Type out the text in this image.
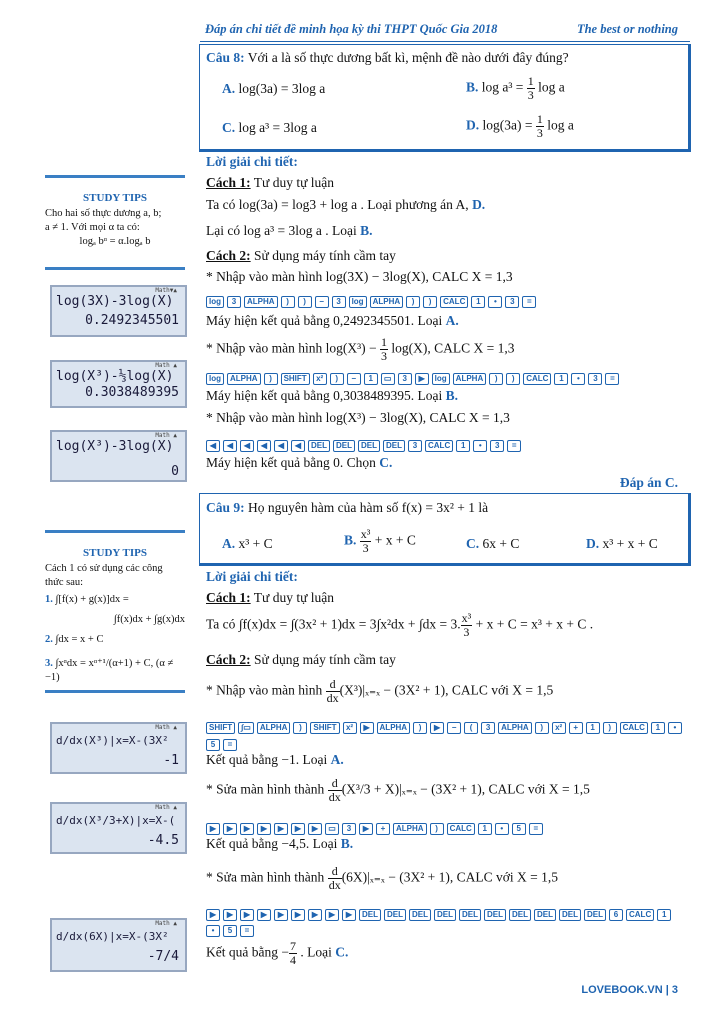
Đáp án chi tiết đề minh họa kỳ thi THPT Quốc Gia 2018	The best or nothing
Câu 8: Với a là số thực dương bất kì, mệnh đề nào dưới đây đúng?
A. log(3a) = 3log a	B. $\log a^3 = \frac{1}{3}$ log a
C. log a³ = 3log a	D. $\log(3a) = \frac{1}{3}$ log a
Lời giải chi tiết:
Cách 1: Tư duy tự luận
Ta có log(3a) = log3 + log a . Loại phương án A, D.
Lại có log a³ = 3log a . Loại B.
Cách 2: Sử dụng máy tính cầm tay
* Nhập vào màn hình log(3X) − 3log(X), CALC X = 1,3
log 3 ALPHA ) ) − 3 log ALPHA ) ) CALC 1 • 3 =
Máy hiện kết quả bằng 0,2492345501. Loại A.
* Nhập vào màn hình $\log(X^3) - \frac{1}{3} \log(X)$, CALC X = 1,3
log ALPHA ) SHIFT x² ) − 1 ▭ 3 ▶ log ALPHA ) ) CALC 1 • 3 =
Máy hiện kết quả bằng 0,3038489395. Loại B.
* Nhập vào màn hình log(X³) − 3log(X), CALC X = 1,3
◀ ◀ ◀ ◀ ◀ ◀ DEL DEL DEL DEL 3 CALC 1 • 3 =
Máy hiện kết quả bằng 0. Chọn C.
Đáp án C.
STUDY TIPS
Cho hai số thực dương a, b;
a ≠ 1. Với mọi α ta có:
logₐ bᵅ = α.logₐ b
Math▼▲
log(3X)-3log(X)
0.2492345501
Math ▲
log(X³)-⅓log(X)
0.3038489395
Math ▲
log(X³)-3log(X)
0
Câu 9: Họ nguyên hàm của hàm số f(x) = 3x² + 1 là
A. x³ + C	B. $\frac{\text{x³}}{3} + x + C$	C. 6x + C	D. x³ + x + C
Lời giải chi tiết:
Cách 1: Tư duy tự luận
Ta có ∫f(x)dx = ∫(3x² + 1)dx = 3∫x²dx + ∫dx = 3. $\frac{\text{x³}}{3} + x + C = x^3 + x + C$ .
Cách 2: Sử dụng máy tính cầm tay
* Nhập vào màn hình $\frac{d}{dx} (X^3)|_{x=x} - (3X^2 + 1)$, CALC với X = 1,5
SHIFT ∫▭ ALPHA ) SHIFT x² ▶ ALPHA ) ▶ − ( 3 ALPHA ) x² + 1 ) CALC 1 •
5 =
Kết quả bằng −1. Loại A.
* Sửa màn hình thành $\frac{d}{dx} (X^3/3 + X)|_{x=x} - (3X^2 + 1)$, CALC với X = 1,5
▶ ▶ ▶ ▶ ▶ ▶ ▶ ▭ 3 ▶ + ALPHA ) CALC 1 • 5 =
Kết quả bằng −4,5. Loại B.
* Sửa màn hình thành $\frac{d}{dx} (6X)|_{x=x} - (3X^2 + 1)$, CALC với X = 1,5
▶ ▶ ▶ ▶ ▶ ▶ ▶ ▶ ▶ DEL DEL DEL DEL DEL DEL DEL DEL DEL DEL 6 CALC 1
• 5 =
Kết quả bằng − $\frac{7}{4}$ . Loại C.
STUDY TIPS
Cách 1 có sử dụng các công
thức sau:
1. ∫[f(x) + g(x)]dx =
∫f(x)dx + ∫g(x)dx
2. ∫dx = x + C
3. ∫xᵅdx = xᵅ⁺¹/(α+1) + C, (α ≠ −1)
Math ▲
d/dx(X³)|x=X-(3X²
-1
Math ▲
d/dx(X³/3+X)|x=X-(
-4.5
Math ▲
d/dx(6X)|x=X-(3X²
-7/4
LOVEBOOK.VN | 3
